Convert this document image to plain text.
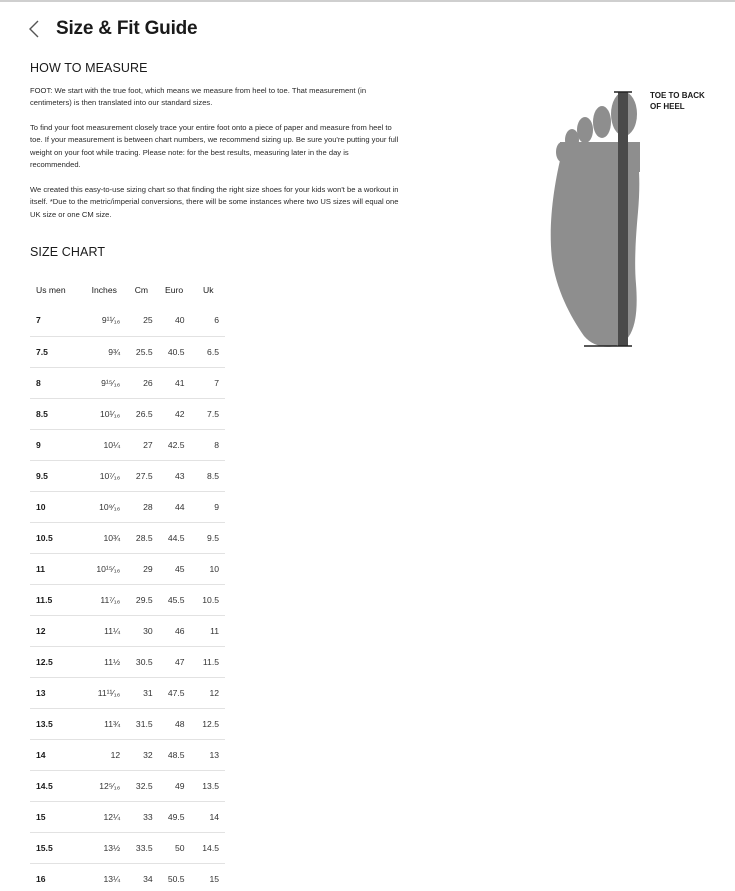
Size & Fit Guide
HOW TO MEASURE

FOOT: We start with the true foot, which means we measure from heel to toe. That measurement (in centimeters) is then translated into our standard sizes.

To find your foot measurement closely trace your entire foot onto a piece of paper and measure from heel to toe. If your measurement is between chart numbers, we recommend sizing up. Be sure you're putting your full weight on your foot while tracing. Please note: for the best results, measuring later in the day is recommended.

We created this easy-to-use sizing chart so that finding the right size shoes for your kids won't be a workout in itself. *Due to the metric/imperial conversions, there will be some instances where two US sizes will equal one UK size or one CM size.

TOE TO BACK OF HEEL
SIZE CHART
Us men	Inches	Cm	Euro	Uk
7	9¹¹⁄₁₆	25	40	6
7.5	9¾	25.5	40.5	6.5
8	9¹⁵⁄₁₆	26	41	7
8.5	10¹⁄₁₆	26.5	42	7.5
9	10¼	27	42.5	8
9.5	10⁷⁄₁₆	27.5	43	8.5
10	10⁹⁄₁₆	28	44	9
10.5	10¾	28.5	44.5	9.5
11	10¹⁵⁄₁₆	29	45	10
11.5	11⁷⁄₁₆	29.5	45.5	10.5
12	11¼	30	46	11
12.5	11½	30.5	47	11.5
13	11¹¹⁄₁₆	31	47.5	12
13.5	11¾	31.5	48	12.5
14	12	32	48.5	13
14.5	12⁵⁄₁₆	32.5	49	13.5
15	12¼	33	49.5	14
15.5	13½	33.5	50	14.5
16	13¼	34	50.5	15
